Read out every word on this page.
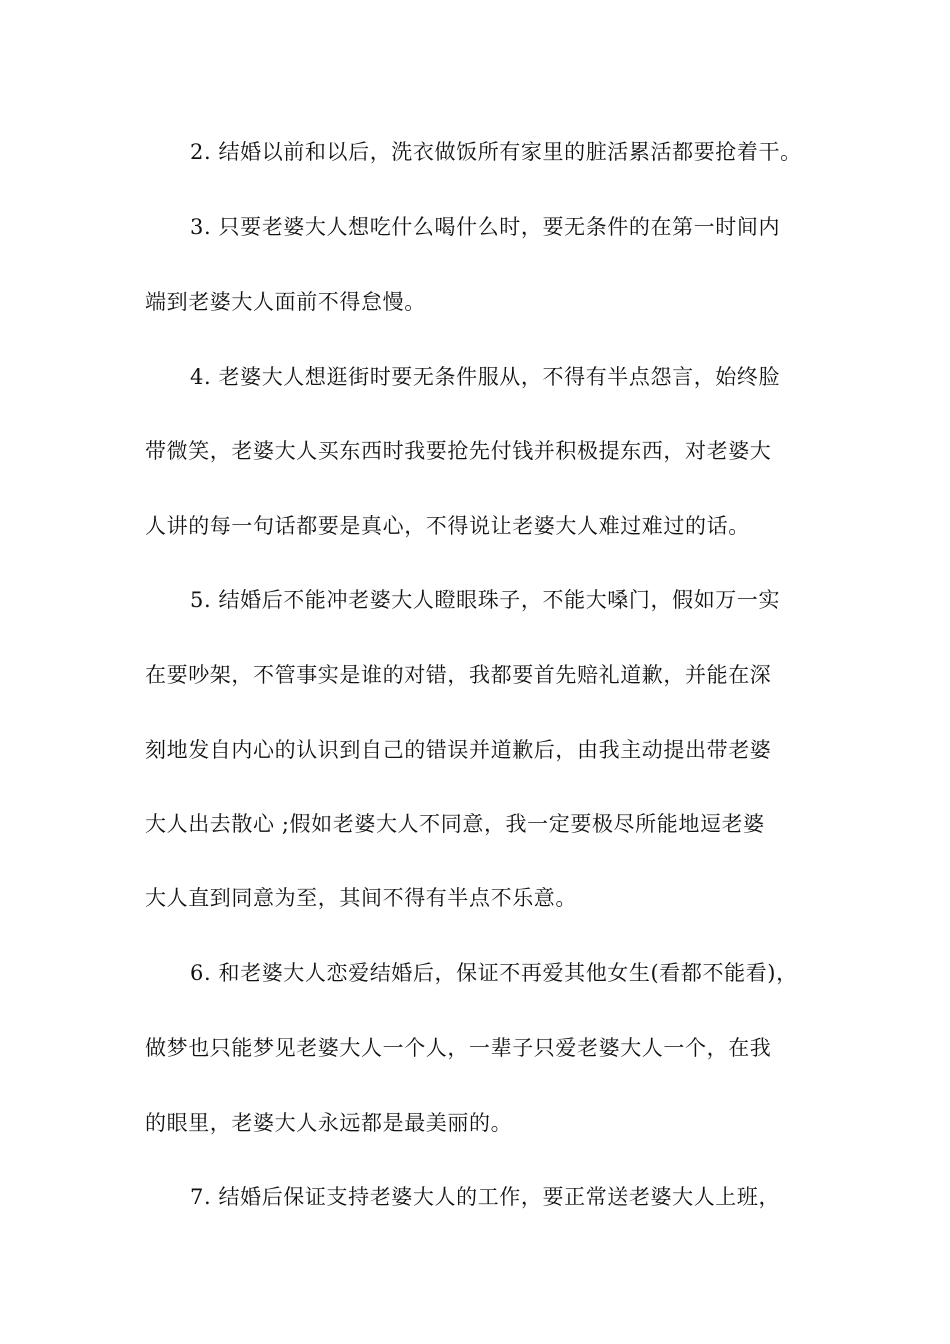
2. 结婚以前和以后，洗衣做饭所有家里的脏活累活都要抢着干。
3. 只要老婆大人想吃什么喝什么时，要无条件的在第一时间内
端到老婆大人面前不得怠慢。
4. 老婆大人想逛街时要无条件服从，不得有半点怨言，始终脸
带微笑，老婆大人买东西时我要抢先付钱并积极提东西，对老婆大
人讲的每一句话都要是真心，不得说让老婆大人难过难过的话。
5. 结婚后不能冲老婆大人瞪眼珠子，不能大嗓门，假如万一实
在要吵架，不管事实是谁的对错，我都要首先赔礼道歉，并能在深
刻地发自内心的认识到自己的错误并道歉后，由我主动提出带老婆
大人出去散心 ;假如老婆大人不同意，我一定要极尽所能地逗老婆
大人直到同意为至，其间不得有半点不乐意。
6. 和老婆大人恋爱结婚后，保证不再爱其他女生(看都不能看)，
做梦也只能梦见老婆大人一个人，一辈子只爱老婆大人一个，在我
的眼里，老婆大人永远都是最美丽的。
7. 结婚后保证支持老婆大人的工作，要正常送老婆大人上班，
